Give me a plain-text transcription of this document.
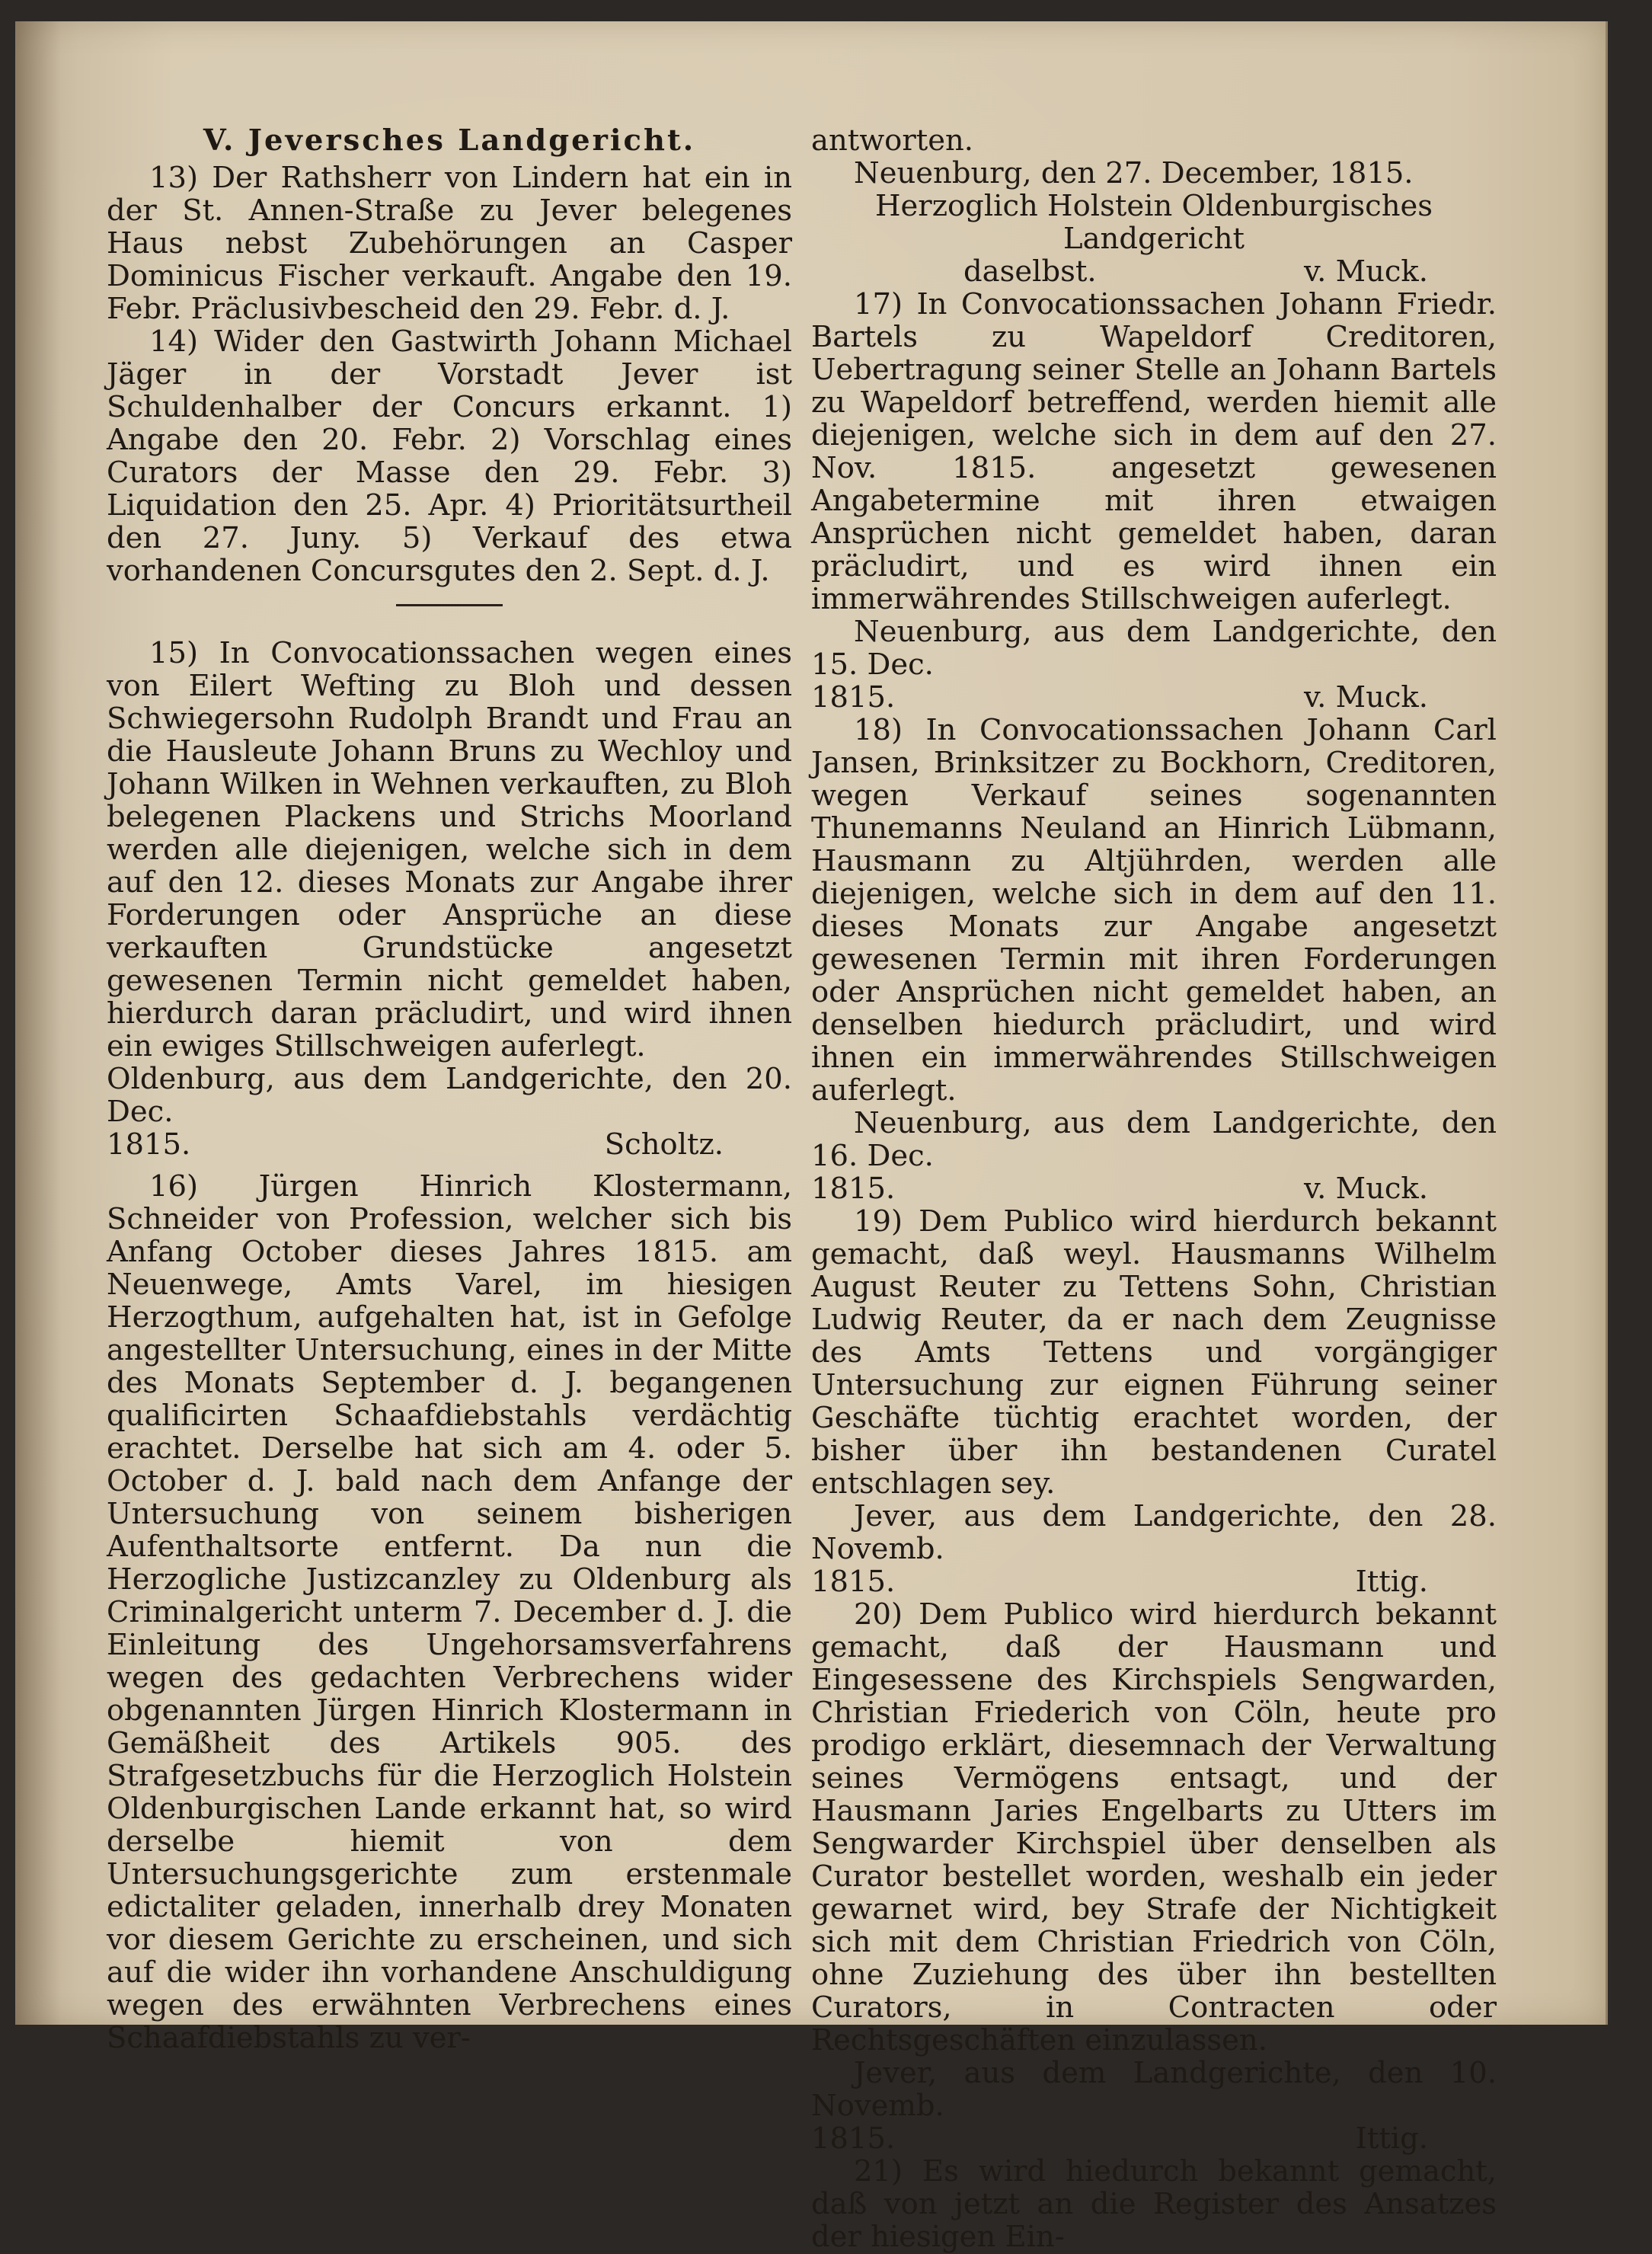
V. Jeversches Landgericht.

13) Der Rathsherr von Lindern hat ein in der St. Annen-Straße zu Jever belegenes Haus nebst Zubehörungen an Casper Dominicus Fischer verkauft. Angabe den 19. Febr. Präclusivbescheid den 29. Febr. d. J.

14) Wider den Gastwirth Johann Michael Jäger in der Vorstadt Jever ist Schuldenhalber der Concurs erkannt. 1) Angabe den 20. Febr. 2) Vorschlag eines Curators der Masse den 29. Febr. 3) Liquidation den 25. Apr. 4) Prioritätsurtheil den 27. Juny. 5) Verkauf des etwa vorhandenen Concursgutes den 2. Sept. d. J.

15) In Convocationssachen wegen eines von Eilert Wefting zu Bloh und dessen Schwiegersohn Rudolph Brandt und Frau an die Hausleute Johann Bruns zu Wechloy und Johann Wilken in Wehnen verkauften, zu Bloh belegenen Plackens und Strichs Moorland werden alle diejenigen, welche sich in dem auf den 12. dieses Monats zur Angabe ihrer Forderungen oder Ansprüche an diese verkauften Grundstücke angesetzt gewesenen Termin nicht gemeldet haben, hierdurch daran präcludirt, und wird ihnen ein ewiges Stillschweigen auferlegt.

Oldenburg, aus dem Landgerichte, den 20. Dec.

1815.	Scholtz.

16) Jürgen Hinrich Klostermann, Schneider von Profession, welcher sich bis Anfang October dieses Jahres 1815. am Neuenwege, Amts Varel, im hiesigen Herzogthum, aufgehalten hat, ist in Gefolge angestellter Untersuchung, eines in der Mitte des Monats September d. J. begangenen qualificirten Schaafdiebstahls verdächtig erachtet. Derselbe hat sich am 4. oder 5. October d. J. bald nach dem Anfange der Untersuchung von seinem bisherigen Aufenthaltsorte entfernt. Da nun die Herzogliche Justizcanzley zu Oldenburg als Criminalgericht unterm 7. December d. J. die Einleitung des Ungehorsamsverfahrens wegen des gedachten Verbrechens wider obgenannten Jürgen Hinrich Klostermann in Gemäßheit des Artikels 905. des Strafgesetzbuchs für die Herzoglich Holstein Oldenburgischen Lande erkannt hat, so wird derselbe hiemit von dem Untersuchungsgerichte zum erstenmale edictaliter geladen, innerhalb drey Monaten vor diesem Gerichte zu erscheinen, und sich auf die wider ihn vorhandene Anschuldigung wegen des erwähnten Verbrechens eines Schaafdiebstahls zu ver-

antworten.

Neuenburg, den 27. December, 1815.

Herzoglich Holstein Oldenburgisches Landgericht

daselbst.	v. Muck.

17) In Convocationssachen Johann Friedr. Bartels zu Wapeldorf Creditoren, Uebertragung seiner Stelle an Johann Bartels zu Wapeldorf betreffend, werden hiemit alle diejenigen, welche sich in dem auf den 27. Nov. 1815. angesetzt gewesenen Angabetermine mit ihren etwaigen Ansprüchen nicht gemeldet haben, daran präcludirt, und es wird ihnen ein immerwährendes Stillschweigen auferlegt.

Neuenburg, aus dem Landgerichte, den 15. Dec.

1815.	v. Muck.

18) In Convocationssachen Johann Carl Jansen, Brinksitzer zu Bockhorn, Creditoren, wegen Verkauf seines sogenannten Thunemanns Neuland an Hinrich Lübmann, Hausmann zu Altjührden, werden alle diejenigen, welche sich in dem auf den 11. dieses Monats zur Angabe angesetzt gewesenen Termin mit ihren Forderungen oder Ansprüchen nicht gemeldet haben, an denselben hiedurch präcludirt, und wird ihnen ein immerwährendes Stillschweigen auferlegt.

Neuenburg, aus dem Landgerichte, den 16. Dec.

1815.	v. Muck.

19) Dem Publico wird hierdurch bekannt gemacht, daß weyl. Hausmanns Wilhelm August Reuter zu Tettens Sohn, Christian Ludwig Reuter, da er nach dem Zeugnisse des Amts Tettens und vorgängiger Untersuchung zur eignen Führung seiner Geschäfte tüchtig erachtet worden, der bisher über ihn bestandenen Curatel entschlagen sey.

Jever, aus dem Landgerichte, den 28. Novemb.

1815.	Ittig.

20) Dem Publico wird hierdurch bekannt gemacht, daß der Hausmann und Eingesessene des Kirchspiels Sengwarden, Christian Friederich von Cöln, heute pro prodigo erklärt, diesemnach der Verwaltung seines Vermögens entsagt, und der Hausmann Jaries Engelbarts zu Utters im Sengwarder Kirchspiel über denselben als Curator bestellet worden, weshalb ein jeder gewarnet wird, bey Strafe der Nichtigkeit sich mit dem Christian Friedrich von Cöln, ohne Zuziehung des über ihn bestellten Curators, in Contracten oder Rechtsgeschäften einzulassen.

Jever, aus dem Landgerichte, den 10. Novemb.

1815.	Ittig.

21) Es wird hiedurch bekannt gemacht, daß von jetzt an die Register des Ansatzes der hiesigen Ein-
